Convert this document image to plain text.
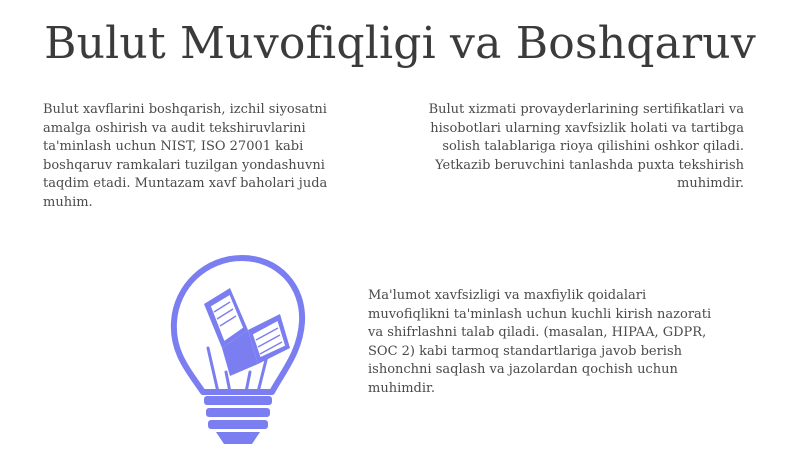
Bulut Muvofiqligi va Boshqaruv

Bulut xavflarini boshqarish, izchil siyosatni amalga oshirish va audit tekshiruvlarini ta'minlash uchun NIST, ISO 27001 kabi boshqaruv ramkalari tuzilgan yondashuvni taqdim etadi. Muntazam xavf baholari juda muhim.

Bulut xizmati provayderlarining sertifikatlari va hisobotlari ularning xavfsizlik holati va tartibga solish talablariga rioya qilishini oshkor qiladi. Yetkazib beruvchini tanlashda puxta tekshirish muhimdir.

Ma'lumot xavfsizligi va maxfiylik qoidalari muvofiqlikni ta'minlash uchun kuchli kirish nazorati va shifrlashni talab qiladi. (masalan, HIPAA, GDPR, SOC 2) kabi tarmoq standartlariga javob berish ishonchni saqlash va jazolardan qochish uchun muhimdir.
